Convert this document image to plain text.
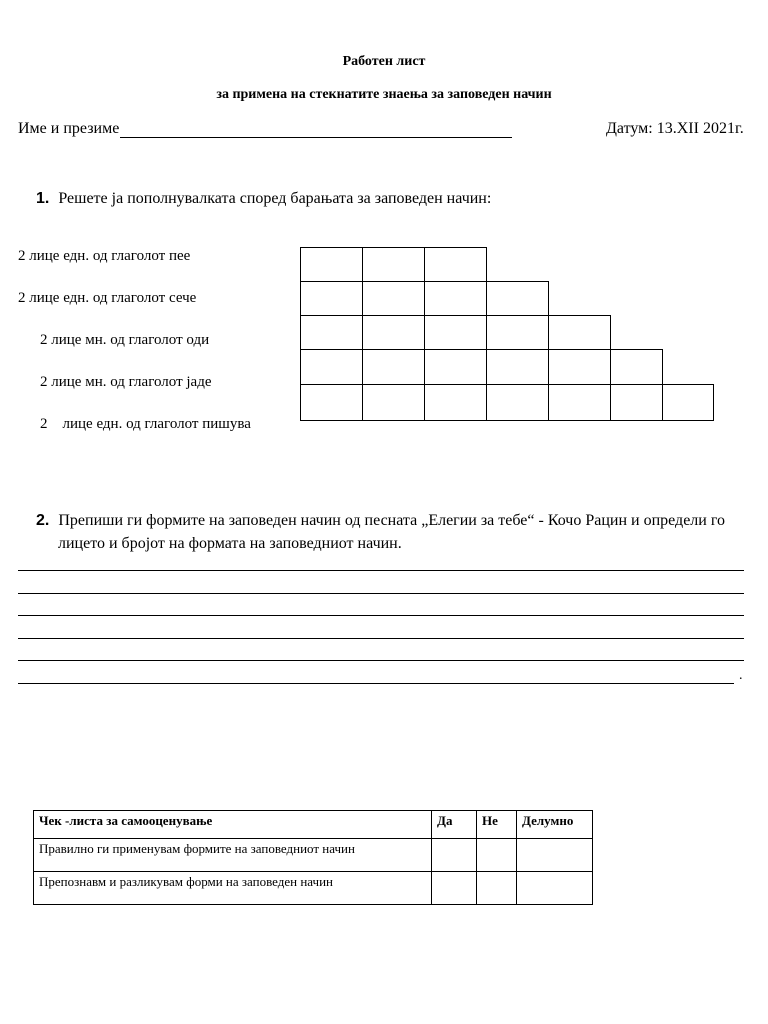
Работен лист
за примена на стекнатите знаења за заповеден начин
Име и презиме	Датум: 13.XII 2021г.
1. Решете ја пополнувалката според барањата за заповеден начин:
2 лице едн. од глаголот пее
2 лице едн. од глаголот сече
2 лице мн. од глаголот оди
2 лице мн. од глаголот јаде
2    лице едн. од глаголот пишува
2. Препиши ги формите на заповеден начин од песната „Елегии за тебе“ - Кочо Рацин и определи го
лицето и бројот на формата на заповедниот начин.
.
Чек -листа за самооценување	Да	Не	Делумно
Правилно ги применувам формите на заповедниот начин			
Препознавм и разликувам форми на заповеден начин			
